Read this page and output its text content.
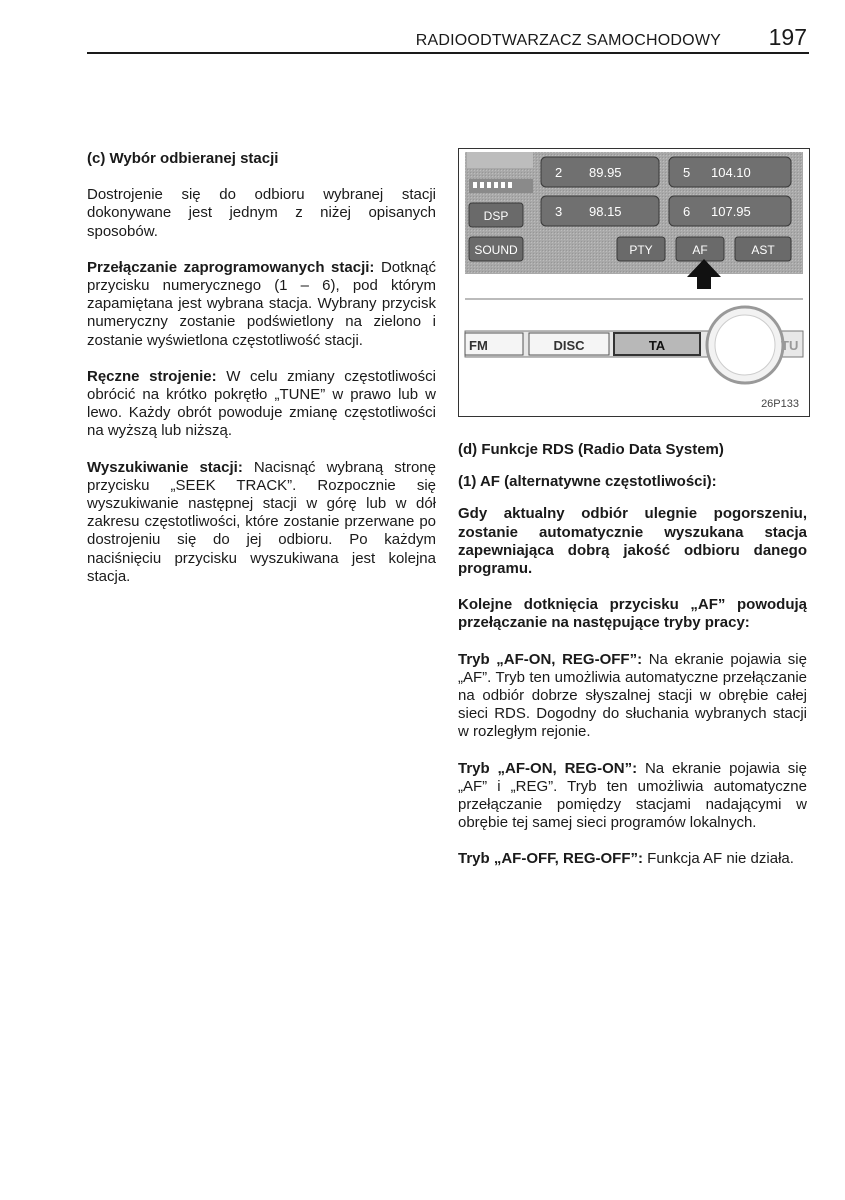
RADIOODTWARZACZ SAMOCHODOWY 197

(c) Wybór odbieranej stacji

Dostrojenie się do odbioru wybranej stacji dokonywane jest jednym z niżej opisanych sposobów.

Przełączanie zaprogramowanych stacji: Dotknąć przycisku numerycznego (1 – 6), pod którym zapamiętana jest wybrana stacja. Wybrany przycisk numeryczny zostanie podświetlony na zielono i zostanie wyświetlona częstotliwość stacji.

Ręczne strojenie: W celu zmiany częstotliwości obrócić na krótko pokrętło „TUNE” w prawo lub w lewo. Każdy obrót powoduje zmianę częstotliwości na wyższą lub niższą.

Wyszukiwanie stacji: Nacisnąć wybraną stronę przycisku „SEEK TRACK”. Rozpocznie się wyszukiwanie następnej stacji w górę lub w dół zakresu częstotliwości, które zostanie przerwane po dostrojeniu się do jej odbioru. Po każdym naciśnięciu przycisku wyszukiwana jest kolejna stacja.

DSP
SOUND
2 89.95	5 104.10
3 98.15	6 107.95
PTY	AF	AST
FM	DISC	TA	TU
26P133

(d) Funkcje RDS (Radio Data System)

(1) AF (alternatywne częstotliwości):

Gdy aktualny odbiór ulegnie pogorszeniu, zostanie automatycznie wyszukana stacja zapewniająca dobrą jakość odbioru danego programu.

Kolejne dotknięcia przycisku „AF” powodują przełączanie na następujące tryby pracy:

Tryb „AF-ON, REG-OFF”: Na ekranie pojawia się „AF”. Tryb ten umożliwia automatyczne przełączanie na odbiór dobrze słyszalnej stacji w obrębie całej sieci RDS. Dogodny do słuchania wybranych stacji w rozległym rejonie.

Tryb „AF-ON, REG-ON”: Na ekranie pojawia się „AF” i „REG”. Tryb ten umożliwia automatyczne przełączanie pomiędzy stacjami nadającymi w obrębie tej samej sieci programów lokalnych.

Tryb „AF-OFF, REG-OFF”: Funkcja AF nie działa.
